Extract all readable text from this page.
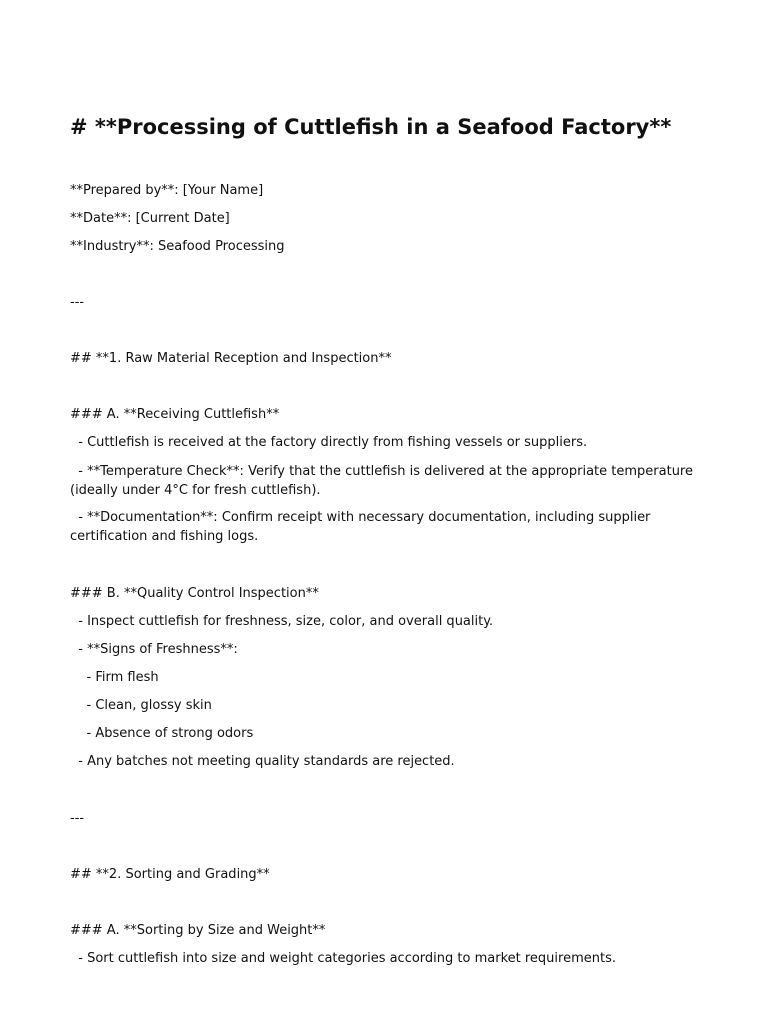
# **Processing of Cuttlefish in a Seafood Factory**
**Prepared by**: [Your Name]
**Date**: [Current Date]
**Industry**: Seafood Processing
---
## **1. Raw Material Reception and Inspection**
### A. **Receiving Cuttlefish**
- Cuttlefish is received at the factory directly from fishing vessels or suppliers.
- **Temperature Check**: Verify that the cuttlefish is delivered at the appropriate temperature (ideally under 4°C for fresh cuttlefish).
- **Documentation**: Confirm receipt with necessary documentation, including supplier certification and fishing logs.
### B. **Quality Control Inspection**
- Inspect cuttlefish for freshness, size, color, and overall quality.
- **Signs of Freshness**:
- Firm flesh
- Clean, glossy skin
- Absence of strong odors
- Any batches not meeting quality standards are rejected.
---
## **2. Sorting and Grading**
### A. **Sorting by Size and Weight**
- Sort cuttlefish into size and weight categories according to market requirements.
